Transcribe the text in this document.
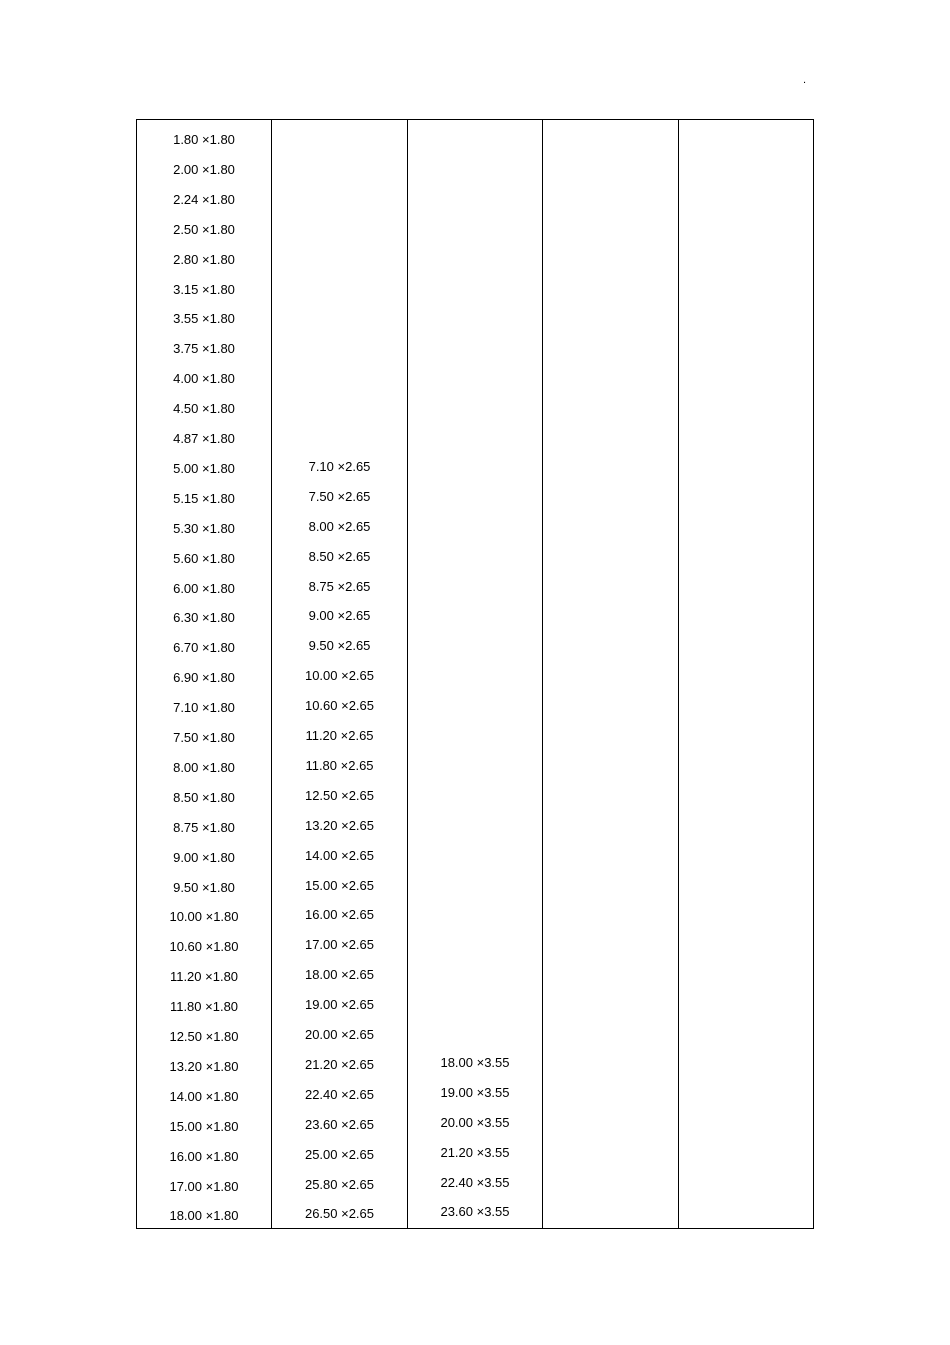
.
1.80 ×1.80
2.00 ×1.80
2.24 ×1.80
2.50 ×1.80
2.80 ×1.80
3.15 ×1.80
3.55 ×1.80
3.75 ×1.80
4.00 ×1.80
4.50 ×1.80
4.87 ×1.80
5.00 ×1.80
5.15 ×1.80
5.30 ×1.80
5.60 ×1.80
6.00 ×1.80
6.30 ×1.80
6.70 ×1.80
6.90 ×1.80
7.10 ×1.80
7.50 ×1.80
8.00 ×1.80
8.50 ×1.80
8.75 ×1.80
9.00 ×1.80
9.50 ×1.80
10.00 ×1.80
10.60 ×1.80
11.20 ×1.80
11.80 ×1.80
12.50 ×1.80
13.20 ×1.80
14.00 ×1.80
15.00 ×1.80
16.00 ×1.80
17.00 ×1.80
18.00 ×1.80
7.10 ×2.65
7.50 ×2.65
8.00 ×2.65
8.50 ×2.65
8.75 ×2.65
9.00 ×2.65
9.50 ×2.65
10.00 ×2.65
10.60 ×2.65
11.20 ×2.65
11.80 ×2.65
12.50 ×2.65
13.20 ×2.65
14.00 ×2.65
15.00 ×2.65
16.00 ×2.65
17.00 ×2.65
18.00 ×2.65
19.00 ×2.65
20.00 ×2.65
21.20 ×2.65
22.40 ×2.65
23.60 ×2.65
25.00 ×2.65
25.80 ×2.65
26.50 ×2.65
18.00 ×3.55
19.00 ×3.55
20.00 ×3.55
21.20 ×3.55
22.40 ×3.55
23.60 ×3.55
